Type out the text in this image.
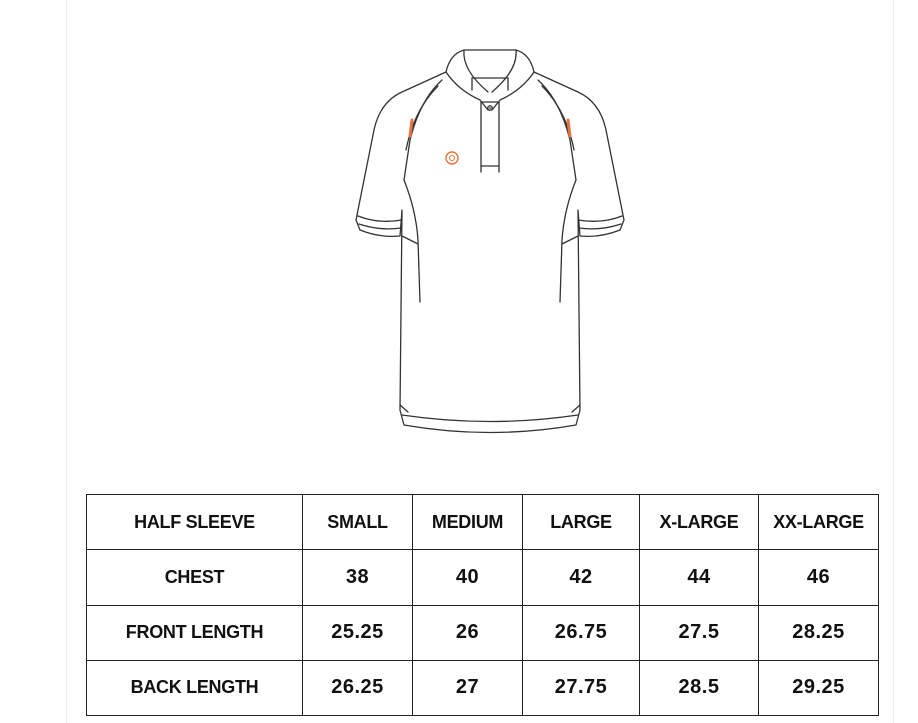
HALF SLEEVE	SMALL	MEDIUM	LARGE	X-LARGE	XX-LARGE
CHEST	38	40	42	44	46
FRONT LENGTH	25.25	26	26.75	27.5	28.25
BACK LENGTH	26.25	27	27.75	28.5	29.25
